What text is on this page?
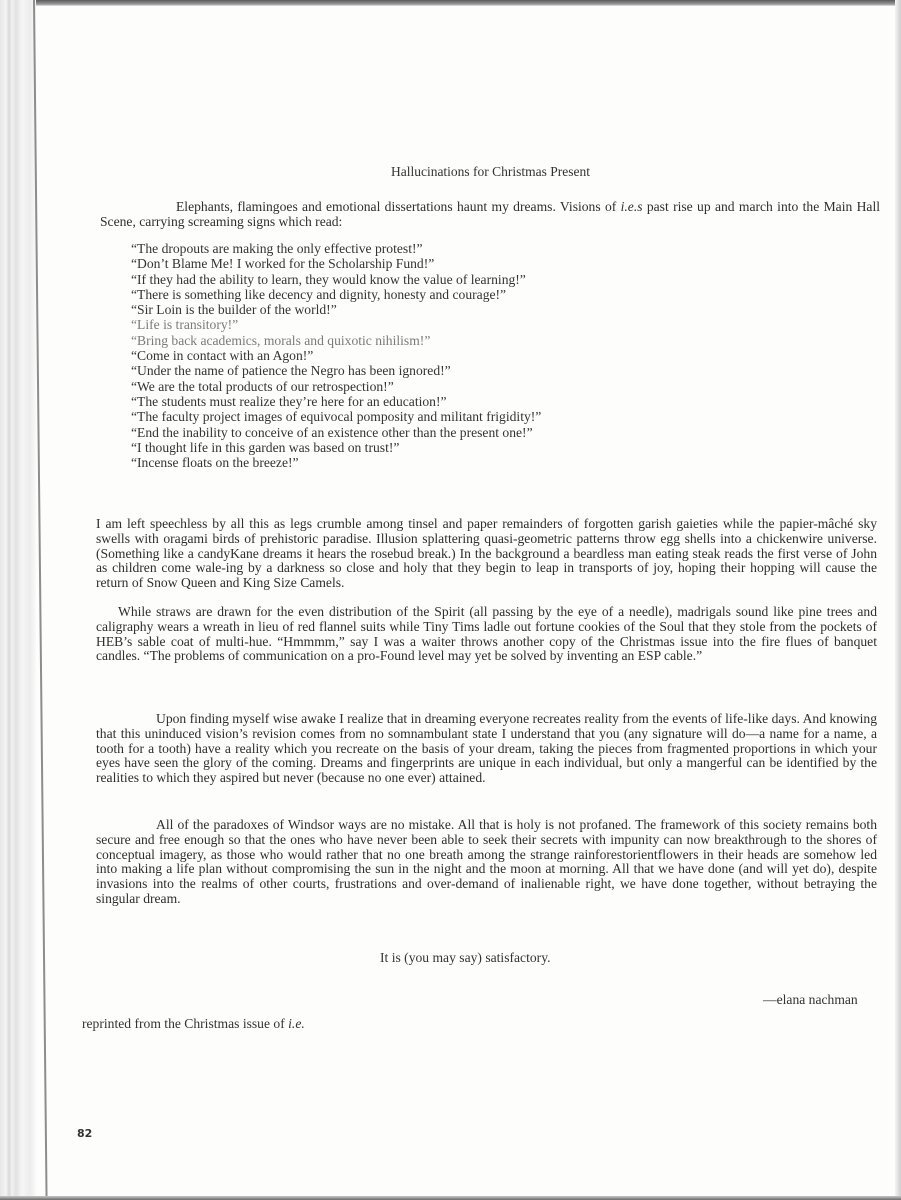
Hallucinations for Christmas Present
Elephants, flamingoes and emotional dissertations haunt my dreams. Visions of i.e.s past rise up and march into the Main Hall Scene, carrying screaming signs which read:
“The dropouts are making the only effective protest!”
“Don’t Blame Me! I worked for the Scholarship Fund!”
“If they had the ability to learn, they would know the value of learning!”
“There is something like decency and dignity, honesty and courage!”
“Sir Loin is the builder of the world!”
“Life is transitory!”
“Bring back academics, morals and quixotic nihilism!”
“Come in contact with an Agon!”
“Under the name of patience the Negro has been ignored!”
“We are the total products of our retrospection!”
“The students must realize they’re here for an education!”
“The faculty project images of equivocal pomposity and militant frigidity!”
“End the inability to conceive of an existence other than the present one!”
“I thought life in this garden was based on trust!”
“Incense floats on the breeze!”
I am left speechless by all this as legs crumble among tinsel and paper remainders of forgotten garish gaieties while the papier-mâché sky swells with oragami birds of prehistoric paradise. Illusion splattering quasi-geometric patterns throw egg shells into a chickenwire universe. (Something like a candyKane dreams it hears the rosebud break.) In the background a beardless man eating steak reads the first verse of John as children come wale-ing by a darkness so close and holy that they begin to leap in transports of joy, hoping their hopping will cause the return of Snow Queen and King Size Camels.
While straws are drawn for the even distribution of the Spirit (all passing by the eye of a needle), madrigals sound like pine trees and caligraphy wears a wreath in lieu of red flannel suits while Tiny Tims ladle out fortune cookies of the Soul that they stole from the pockets of HEB’s sable coat of multi-hue. “Hmmmm,” say I was a waiter throws another copy of the Christmas issue into the fire flues of banquet candles. “The problems of communication on a pro-Found level may yet be solved by inventing an ESP cable.”
Upon finding myself wise awake I realize that in dreaming everyone recreates reality from the events of life-like days. And knowing that this uninduced vision’s revision comes from no somnambulant state I understand that you (any signature will do—a name for a name, a tooth for a tooth) have a reality which you recreate on the basis of your dream, taking the pieces from fragmented proportions in which your eyes have seen the glory of the coming. Dreams and fingerprints are unique in each individual, but only a mangerful can be identified by the realities to which they aspired but never (because no one ever) attained.
All of the paradoxes of Windsor ways are no mistake. All that is holy is not profaned. The framework of this society remains both secure and free enough so that the ones who have never been able to seek their secrets with impunity can now breakthrough to the shores of conceptual imagery, as those who would rather that no one breath among the strange rainforestorientflowers in their heads are somehow led into making a life plan without compromising the sun in the night and the moon at morning. All that we have done (and will yet do), despite invasions into the realms of other courts, frustrations and over-demand of inalienable right, we have done together, without betraying the singular dream.
It is (you may say) satisfactory.
—elana nachman
reprinted from the Christmas issue of i.e.
82
